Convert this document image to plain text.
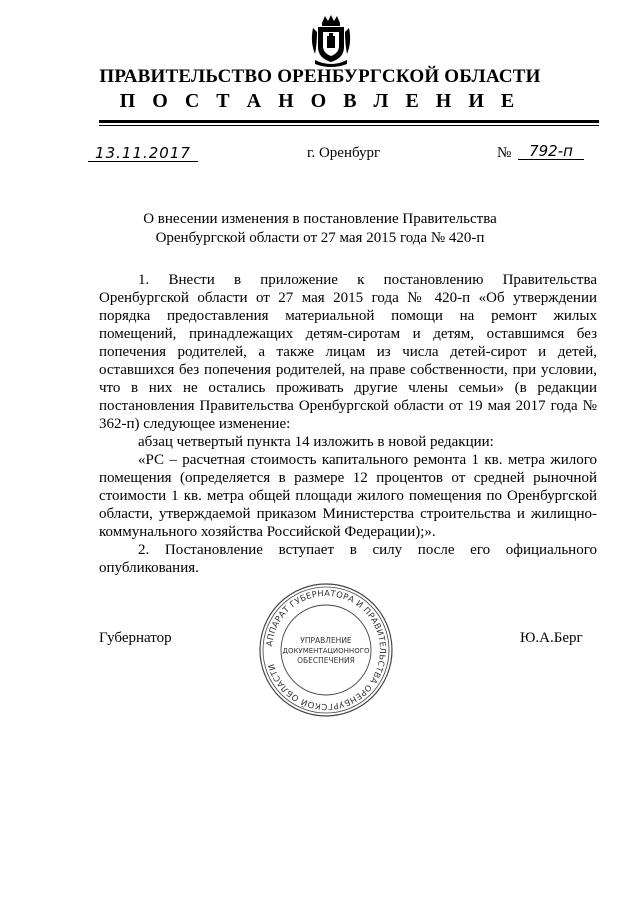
ПРАВИТЕЛЬСТВО ОРЕНБУРГСКОЙ ОБЛАСТИ
П О С Т А Н О В Л Е Н И Е
13.11.2017	г. Оренбург	№	792-п
О внесении изменения в постановление Правительства
Оренбургской области от 27 мая 2015 года № 420-п

1. Внести в приложение к постановлению Правительства Оренбургской области от 27 мая 2015 года № 420-п «Об утверждении порядка предоставления материальной помощи на ремонт жилых помещений, принадлежащих детям-сиротам и детям, оставшимся без попечения родителей, а также лицам из числа детей-сирот и детей, оставшихся без попечения родителей, на праве собственности, при условии, что в них не остались проживать другие члены семьи» (в редакции постановления Правительства Оренбургской области от 19 мая 2017 года № 362-п) следующее изменение:

абзац четвертый пункта 14 изложить в новой редакции:

«РС – расчетная стоимость капитального ремонта 1 кв. метра жилого помещения (определяется в размере 12 процентов от средней рыночной стоимости 1 кв. метра общей площади жилого помещения по Оренбургской области, утверждаемой приказом Министерства строительства и жилищно-коммунального хозяйства Российской Федерации);».

2. Постановление вступает в силу после его официального опубликования.

Губернатор	Ю.А.Берг
АППАРАТ ГУБЕРНАТОРА И ПРАВИТЕЛЬСТВА ОРЕНБУРГСКОЙ ОБЛАСТИ
УПРАВЛЕНИЕ
ДОКУМЕНТАЦИОННОГО
ОБЕСПЕЧЕНИЯ
